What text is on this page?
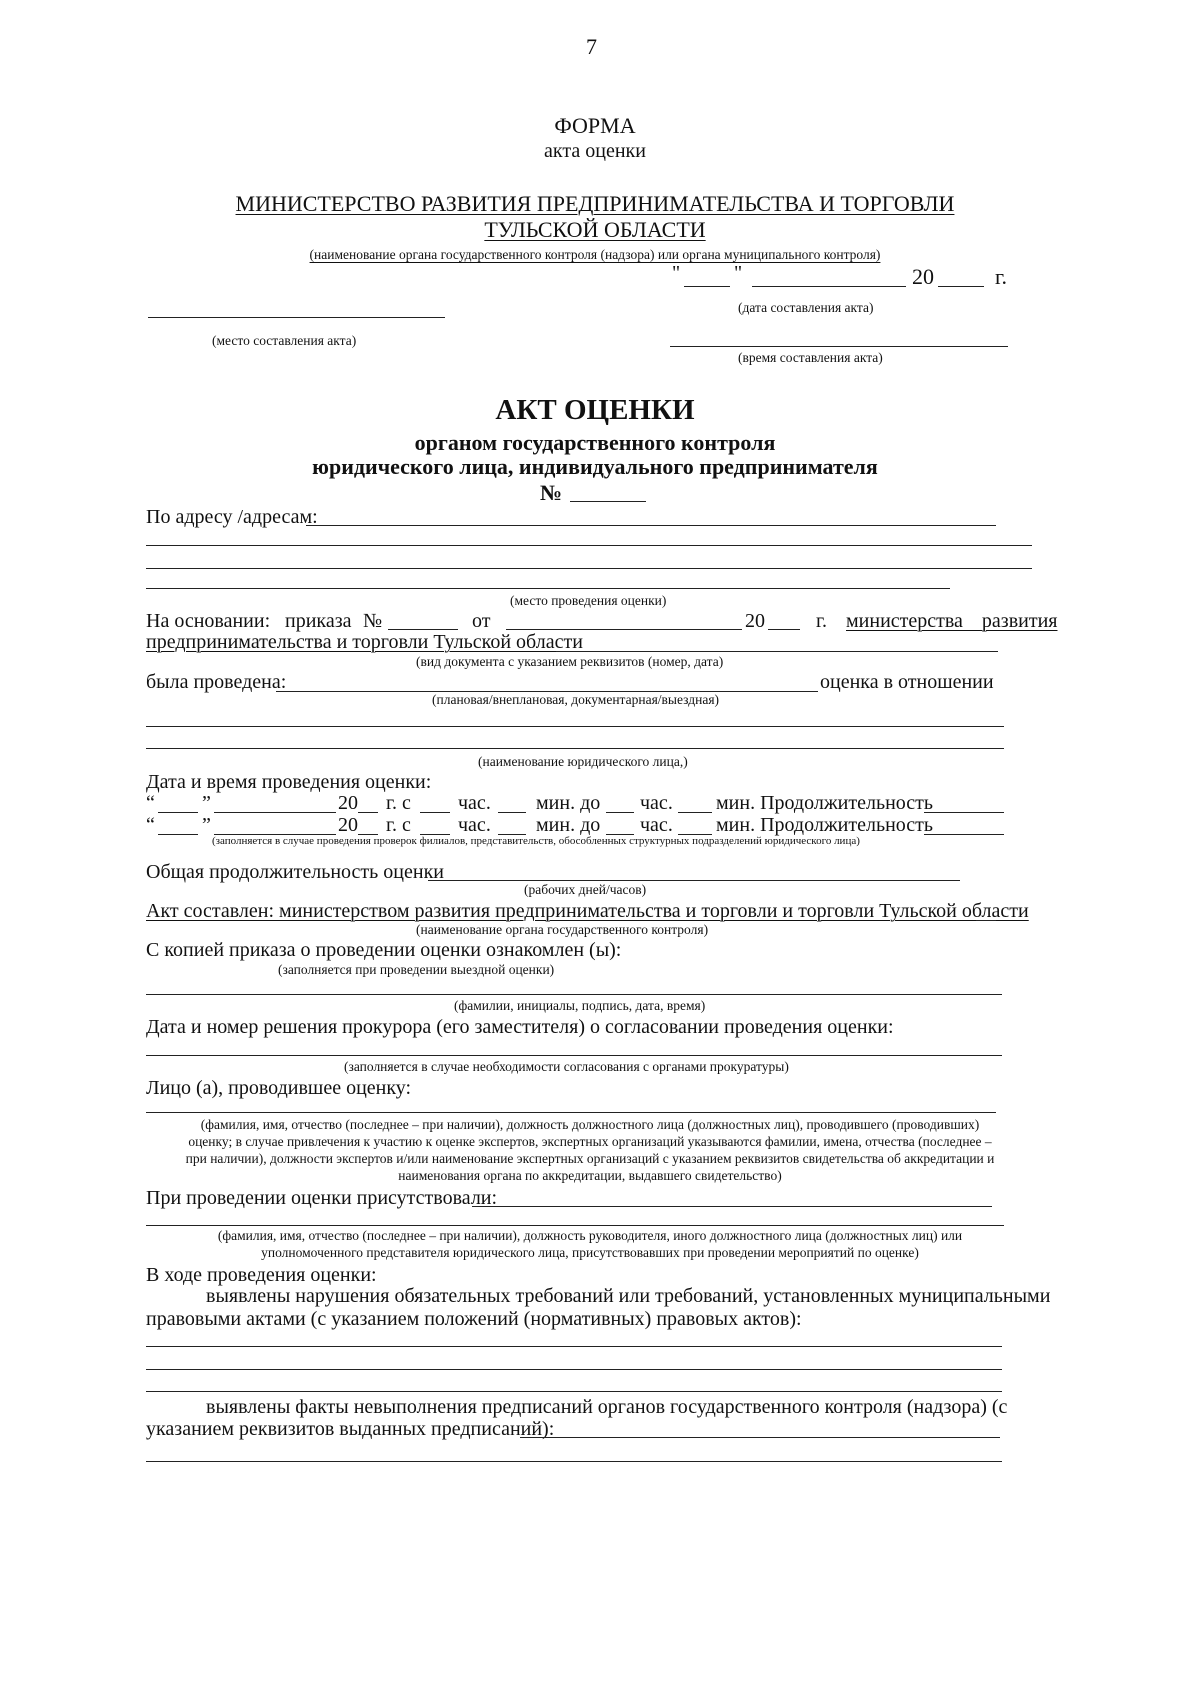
7
ФОРМА
акта оценки
МИНИСТЕРСТВО РАЗВИТИЯ ПРЕДПРИНИМАТЕЛЬСТВА И ТОРГОВЛИ
ТУЛЬСКОЙ ОБЛАСТИ
(наименование органа государственного контроля (надзора) или органа муниципального контроля)
"	"	20	г.
(дата составления акта)
(место составления акта)
(время составления акта)
АКТ ОЦЕНКИ
органом государственного контроля
юридического лица, индивидуального предпринимателя
№
По адресу /адресам:
(место проведения оценки)
На основании: приказа №	от	20	г. министерства развития
предпринимательства и торговли Тульской области
(вид документа с указанием реквизитов (номер, дата)
была проведена:	оценка в отношении
(плановая/внеплановая, документарная/выездная)
(наименование юридического лица,)
Дата и время проведения оценки:
“ ”	20 г. с час. мин. до час. мин. Продолжительность
“ ”	20 г. с час. мин. до час. мин. Продолжительность
(заполняется в случае проведения проверок филиалов, представительств, обособленных структурных подразделений юридического лица)
Общая продолжительность оценки
(рабочих дней/часов)
Акт составлен: министерством развития предпринимательства и торговли и торговли Тульской области
(наименование органа государственного контроля)
С копией приказа о проведении оценки ознакомлен (ы):
(заполняется при проведении выездной оценки)
(фамилии, инициалы, подпись, дата, время)
Дата и номер решения прокурора (его заместителя) о согласовании проведения оценки:
(заполняется в случае необходимости согласования с органами прокуратуры)
Лицо (а), проводившее оценку:
(фамилия, имя, отчество (последнее – при наличии), должность должностного лица (должностных лиц), проводившего (проводивших)
оценку; в случае привлечения к участию к оценке экспертов, экспертных организаций указываются фамилии, имена, отчества (последнее –
при наличии), должности экспертов и/или наименование экспертных организаций с указанием реквизитов свидетельства об аккредитации и
наименования органа по аккредитации, выдавшего свидетельство)
При проведении оценки присутствовали:
(фамилия, имя, отчество (последнее – при наличии), должность руководителя, иного должностного лица (должностных лиц) или
уполномоченного представителя юридического лица, присутствовавших при проведении мероприятий по оценке)
В ходе проведения оценки:
выявлены нарушения обязательных требований или требований, установленных муниципальными
правовыми актами (с указанием положений (нормативных) правовых актов):
выявлены факты невыполнения предписаний органов государственного контроля (надзора) (с
указанием реквизитов выданных предписаний):
